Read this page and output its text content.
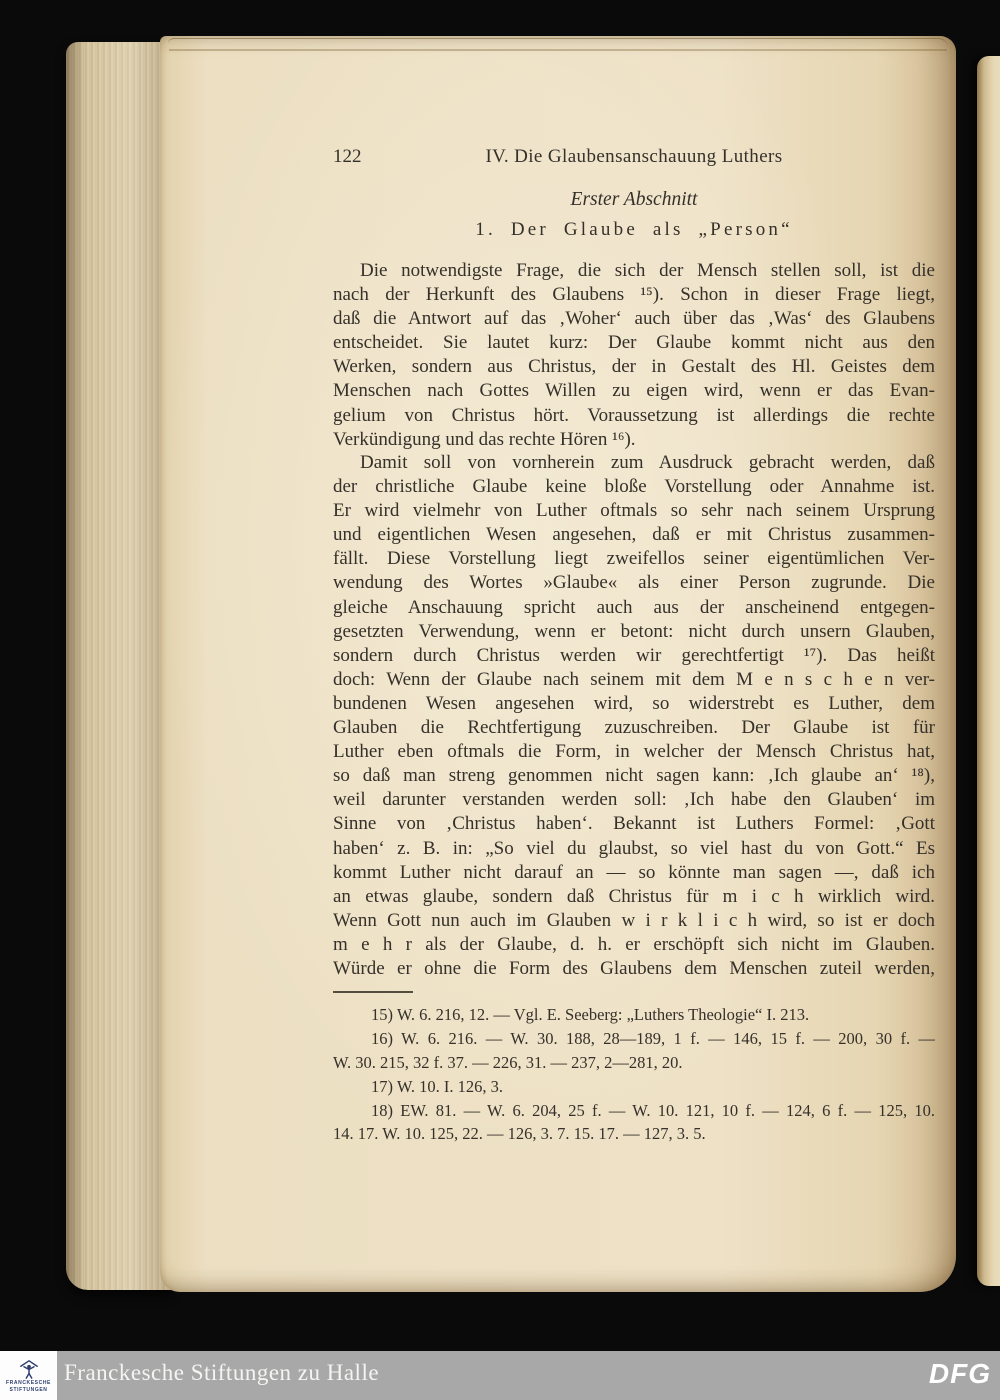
122	IV. Die Glaubensanschauung Luthers
Erster Abschnitt
1. Der Glaube als „Person“
Die notwendigste Frage, die sich der Mensch stellen soll, ist die
nach der Herkunft des Glaubens ¹⁵). Schon in dieser Frage liegt,
daß die Antwort auf das ‚Woher‘ auch über das ‚Was‘ des Glaubens
entscheidet. Sie lautet kurz: Der Glaube kommt nicht aus den
Werken, sondern aus Christus, der in Gestalt des Hl. Geistes dem
Menschen nach Gottes Willen zu eigen wird, wenn er das Evan-
gelium von Christus hört. Voraussetzung ist allerdings die rechte
Verkündigung und das rechte Hören ¹⁶).
Damit soll von vornherein zum Ausdruck gebracht werden, daß
der christliche Glaube keine bloße Vorstellung oder Annahme ist.
Er wird vielmehr von Luther oftmals so sehr nach seinem Ursprung
und eigentlichen Wesen angesehen, daß er mit Christus zusammen-
fällt. Diese Vorstellung liegt zweifellos seiner eigentümlichen Ver-
wendung des Wortes »Glaube« als einer Person zugrunde. Die
gleiche Anschauung spricht auch aus der anscheinend entgegen-
gesetzten Verwendung, wenn er betont: nicht durch unsern Glauben,
sondern durch Christus werden wir gerechtfertigt ¹⁷). Das heißt
doch: Wenn der Glaube nach seinem mit dem M e n s c h e n ver-
bundenen Wesen angesehen wird, so widerstrebt es Luther, dem
Glauben die Rechtfertigung zuzuschreiben. Der Glaube ist für
Luther eben oftmals die Form, in welcher der Mensch Christus hat,
so daß man streng genommen nicht sagen kann: ‚Ich glaube an‘ ¹⁸),
weil darunter verstanden werden soll: ‚Ich habe den Glauben‘ im
Sinne von ‚Christus haben‘. Bekannt ist Luthers Formel: ‚Gott
haben‘ z. B. in: „So viel du glaubst, so viel hast du von Gott.“ Es
kommt Luther nicht darauf an — so könnte man sagen —, daß ich
an etwas glaube, sondern daß Christus für m i c h wirklich wird.
Wenn Gott nun auch im Glauben w i r k l i c h wird, so ist er doch
m e h r als der Glaube, d. h. er erschöpft sich nicht im Glauben.
Würde er ohne die Form des Glaubens dem Menschen zuteil werden,
15) W. 6. 216, 12. — Vgl. E. Seeberg: „Luthers Theologie“ I. 213.
16) W. 6. 216. — W. 30. 188, 28—189, 1 f. — 146, 15 f. — 200, 30 f. —
W. 30. 215, 32 f. 37. — 226, 31. — 237, 2—281, 20.
17) W. 10. I. 126, 3.
18) EW. 81. — W. 6. 204, 25 f. — W. 10. 121, 10 f. — 124, 6 f. — 125, 10.
14. 17. W. 10. 125, 22. — 126, 3. 7. 15. 17. — 127, 3. 5.
FRANCKESCHE
STIFTUNGEN
Franckesche Stiftungen zu Halle	DFG
